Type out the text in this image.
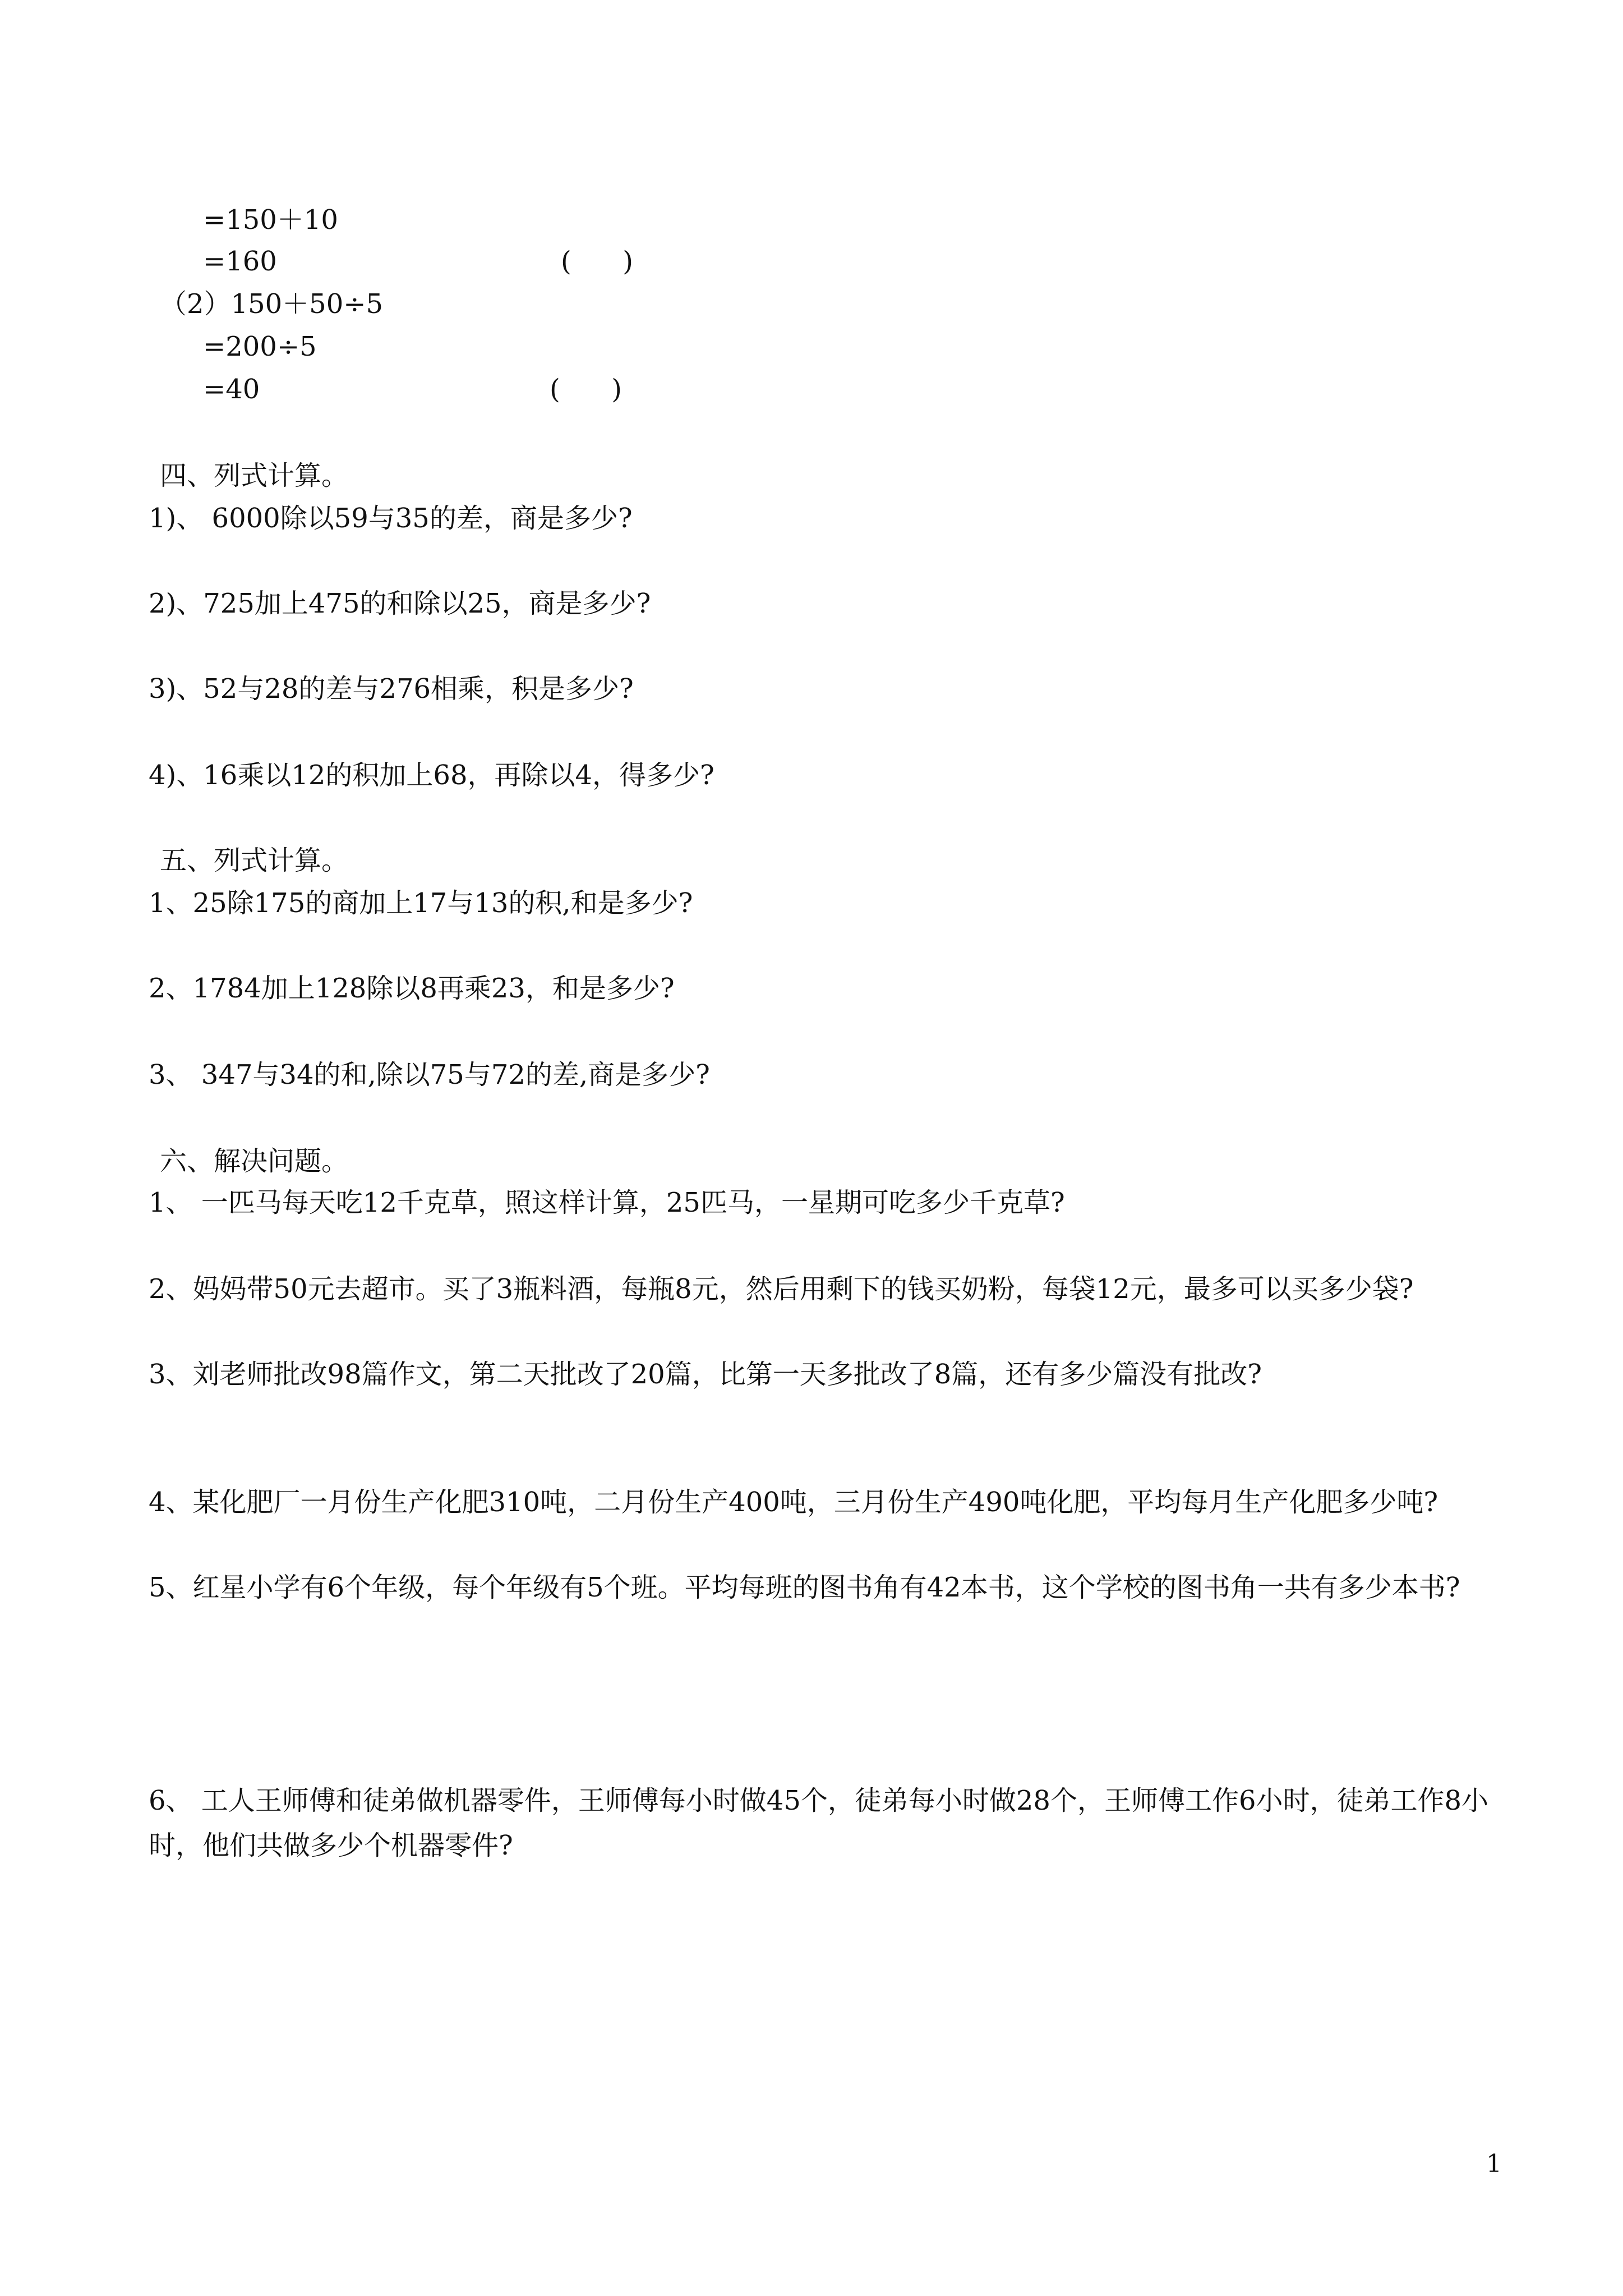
=150＋10
=160	(      )
（2）150＋50÷5
=200÷5
=40	(      )
四、列式计算。
1)、 6000除以59与35的差，商是多少?
2)、725加上475的和除以25，商是多少?
3)、52与28的差与276相乘，积是多少?
4)、16乘以12的积加上68，再除以4，得多少?
五、列式计算。
1、25除175的商加上17与13的积,和是多少?
2、1784加上128除以8再乘23，和是多少?
3、 347与34的和,除以75与72的差,商是多少?
六、解决问题。
1、 一匹马每天吃12千克草，照这样计算，25匹马，一星期可吃多少千克草?
2、妈妈带50元去超市。买了3瓶料酒，每瓶8元，然后用剩下的钱买奶粉，每袋12元，最多可以买多少袋?
3、刘老师批改98篇作文，第二天批改了20篇，比第一天多批改了8篇，还有多少篇没有批改?
4、某化肥厂一月份生产化肥310吨，二月份生产400吨，三月份生产490吨化肥，平均每月生产化肥多少吨?
5、红星小学有6个年级，每个年级有5个班。平均每班的图书角有42本书，这个学校的图书角一共有多少本书?
6、 工人王师傅和徒弟做机器零件，王师傅每小时做45个，徒弟每小时做28个，王师傅工作6小时，徒弟工作8小时，他们共做多少个机器零件?
1
